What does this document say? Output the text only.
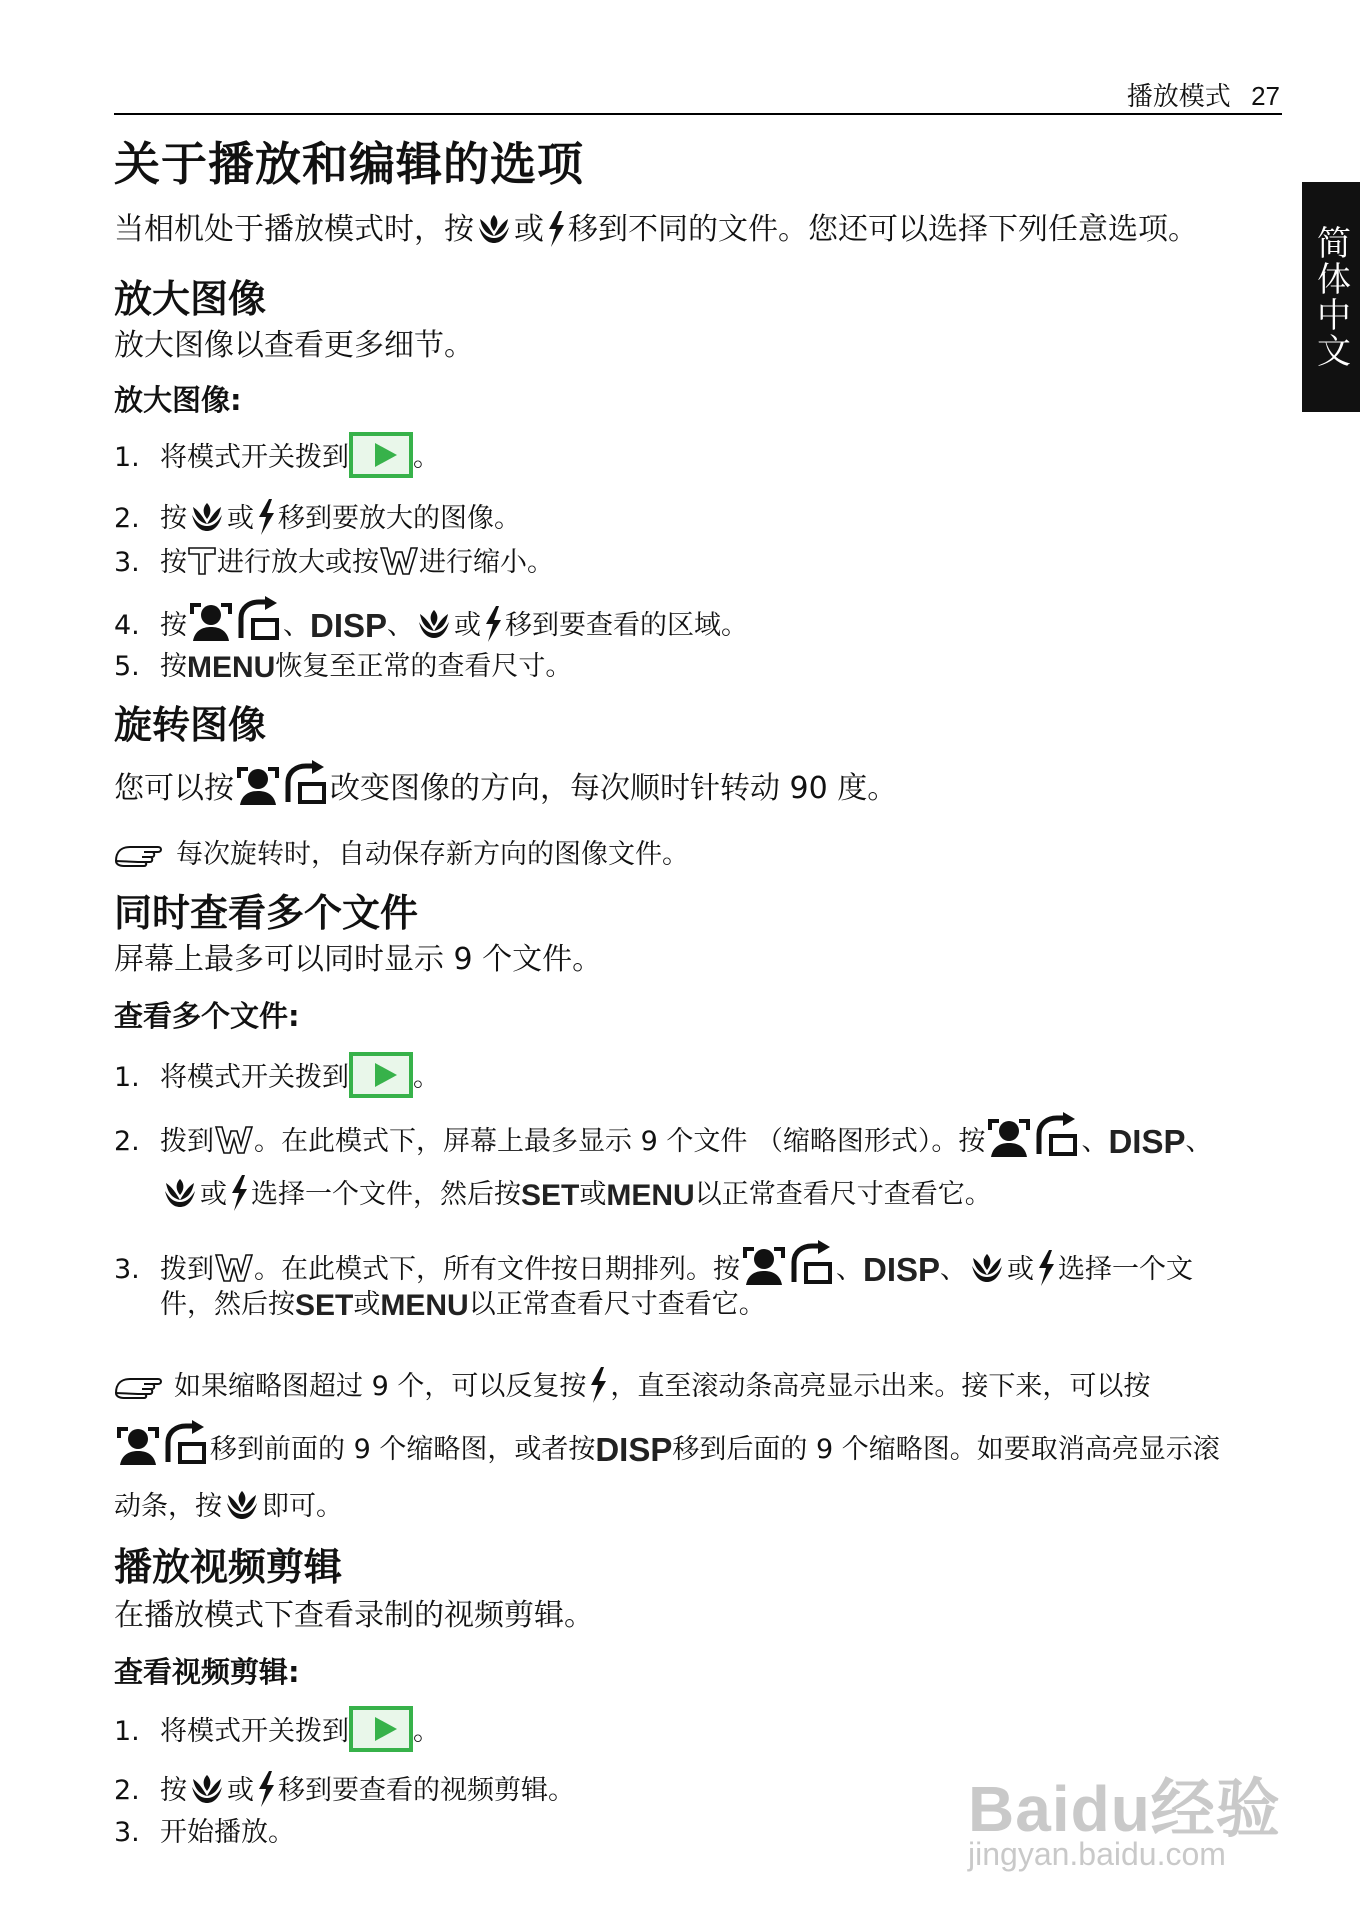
播放模式 27
简体中文
关于播放和编辑的选项
当相机处于播放模式时，按 或 移到不同的文件。您还可以选择下列任意选项。
放大图像
放大图像以查看更多细节。
放大图像:
1. 将模式开关拨到 。
2. 按 或 移到要放大的图像。
3. 按 进行放大或按 进行缩小。
4. 按	、DISP、 或 移到要查看的区域。
5. 按MENU恢复至正常的查看尺寸。
旋转图像
您可以按	改变图像的方向，每次顺时针转动 90 度。
每次旋转时，自动保存新方向的图像文件。
同时查看多个文件
屏幕上最多可以同时显示 9 个文件。
查看多个文件:
1. 将模式开关拨到 。
2. 拨到 。在此模式下，屏幕上最多显示 9 个文件 （缩略图形式）。按	、DISP、
或 选择一个文件，然后按SET或MENU以正常查看尺寸查看它。
3. 拨到 。在此模式下，所有文件按日期排列。按	、DISP、 或 选择一个文
件，然后按SET或MENU以正常查看尺寸查看它。
如果缩略图超过 9 个，可以反复按 ，直至滚动条高亮显示出来。接下来，可以按
移到前面的 9 个缩略图，或者按DISP移到后面的 9 个缩略图。如要取消高亮显示滚
动条，按 即可。
播放视频剪辑
在播放模式下查看录制的视频剪辑。
查看视频剪辑:
1. 将模式开关拨到 。
2. 按 或 移到要查看的视频剪辑。
3. 开始播放。	Baidu经验
jingyan.baidu.com
